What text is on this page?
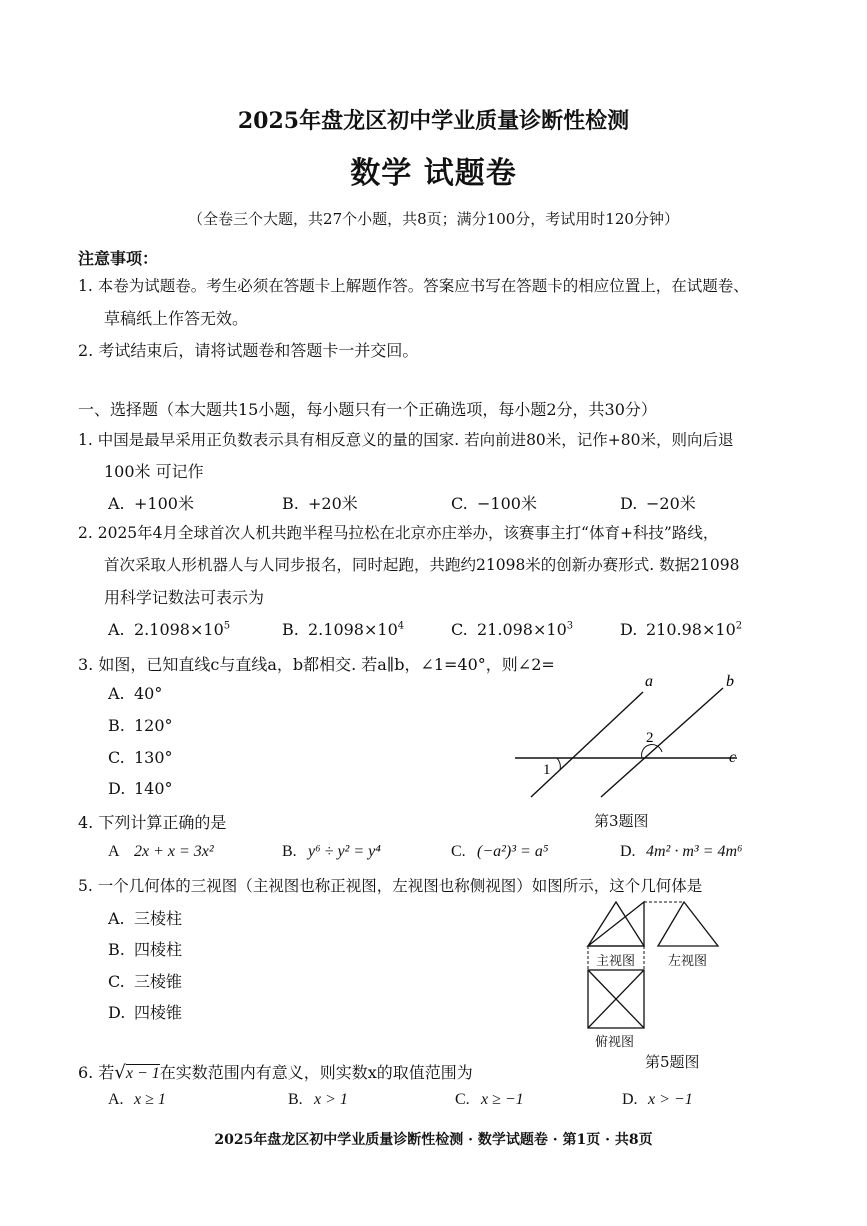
2025年盘龙区初中学业质量诊断性检测
数学 试题卷
（全卷三个大题，共27个小题，共8页；满分100分，考试用时120分钟）
注意事项：
1. 本卷为试题卷。考生必须在答题卡上解题作答。答案应书写在答题卡的相应位置上，在试题卷、
草稿纸上作答无效。
2. 考试结束后，请将试题卷和答题卡一并交回。
一、选择题（本大题共15小题，每小题只有一个正确选项，每小题2分，共30分）
1. 中国是最早采用正负数表示具有相反意义的量的国家. 若向前进80米，记作+80米，则向后退
100米 可记作
A. +100米	B. +20米	C. −100米	D. −20米
2. 2025年4月全球首次人机共跑半程马拉松在北京亦庄举办，该赛事主打“体育+科技”路线，
首次采取人形机器人与人同步报名，同时起跑，共跑约21098米的创新办赛形式. 数据21098
用科学记数法可表示为
A. $2.1098\times 10^5$	B. $2.1098\times 10^4$	C. $21.098\times 10^3$	D. $210.98\times 10^2$
3. 如图，已知直线c与直线a，b都相交. 若a∥b，∠1=40°，则∠2=
A. 40°
B. 120°
C. 130°
D. 140°
a	b
c
1
2
第3题图
4. 下列计算正确的是
A 2x + x = 3x²	B. y⁶ ÷ y² = y⁴	C. (−a²)³ = a⁵	D. 4m² · m³ = 4m⁶
5. 一个几何体的三视图（主视图也称正视图，左视图也称侧视图）如图所示，这个几何体是
A. 三棱柱
B. 四棱柱
C. 三棱锥
D. 四棱锥
主视图	左视图
俯视图
第5题图
6. 若√x − 1在实数范围内有意义，则实数x的取值范围为
A. x ≥ 1	B. x > 1	C. x ≥ −1	D. x > −1
2025年盘龙区初中学业质量诊断性检测 · 数学试题卷 · 第1页 · 共8页
